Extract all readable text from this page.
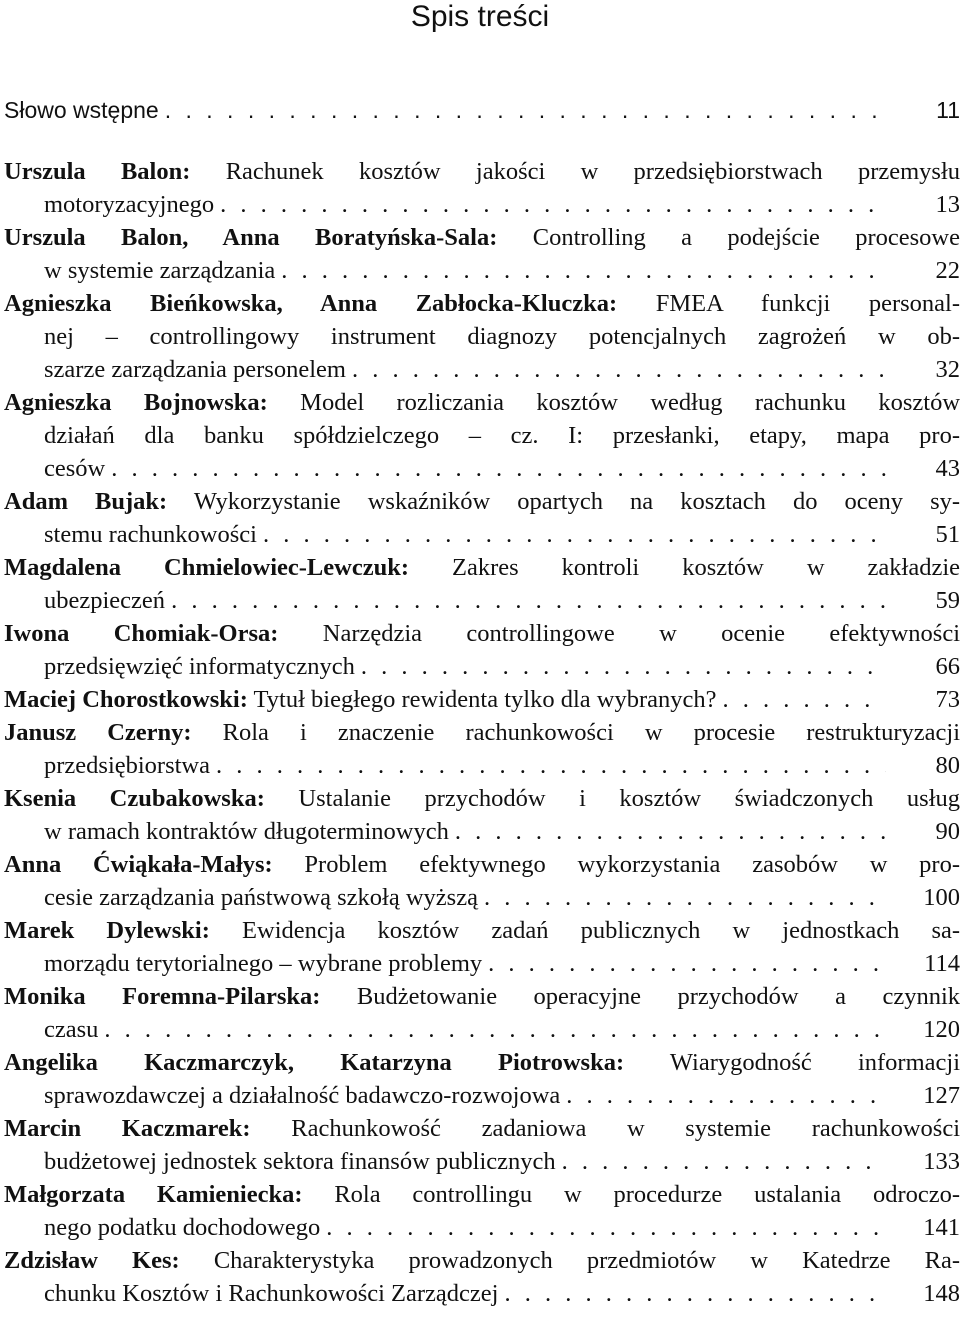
Spis treści
Słowo wstępne . . .	11
Urszula Balon: Rachunek kosztów jakości w przedsiębiorstwach przemysłu
motoryzacyjnego . . .	13
Urszula Balon, Anna Boratyńska-Sala: Controlling a podejście procesowe
w systemie zarządzania . . .	22
Agnieszka Bieńkowska, Anna Zabłocka-Kluczka: FMEA funkcji personal-
nej – controllingowy instrument diagnozy potencjalnych zagrożeń w ob-
szarze zarządzania personelem . . .	32
Agnieszka Bojnowska: Model rozliczania kosztów według rachunku kosztów
działań dla banku spółdzielczego – cz. I: przesłanki, etapy, mapa pro-
cesów . . .	43
Adam Bujak: Wykorzystanie wskaźników opartych na kosztach do oceny sy-
stemu rachunkowości . . .	51
Magdalena Chmielowiec-Lewczuk: Zakres kontroli kosztów w zakładzie
ubezpieczeń . . .	59
Iwona Chomiak-Orsa: Narzędzia controllingowe w ocenie efektywności
przedsięwzięć informatycznych . . .	66
Maciej Chorostkowski: Tytuł biegłego rewidenta tylko dla wybranych? . . .	73
Janusz Czerny: Rola i znaczenie rachunkowości w procesie restrukturyzacji
przedsiębiorstwa . . .	80
Ksenia Czubakowska: Ustalanie przychodów i kosztów świadczonych usług
w ramach kontraktów długoterminowych . . .	90
Anna Ćwiąkała-Małys: Problem efektywnego wykorzystania zasobów w pro-
cesie zarządzania państwową szkołą wyższą . . .	100
Marek Dylewski: Ewidencja kosztów zadań publicznych w jednostkach sa-
morządu terytorialnego – wybrane problemy . . .	114
Monika Foremna-Pilarska: Budżetowanie operacyjne przychodów a czynnik
czasu . . .	120
Angelika Kaczmarczyk, Katarzyna Piotrowska: Wiarygodność informacji
sprawozdawczej a działalność badawczo-rozwojowa . . .	127
Marcin Kaczmarek: Rachunkowość zadaniowa w systemie rachunkowości
budżetowej jednostek sektora finansów publicznych . . .	133
Małgorzata Kamieniecka: Rola controllingu w procedurze ustalania odroczo-
nego podatku dochodowego . . .	141
Zdzisław Kes: Charakterystyka prowadzonych przedmiotów w Katedrze Ra-
chunku Kosztów i Rachunkowości Zarządczej . . .	148
